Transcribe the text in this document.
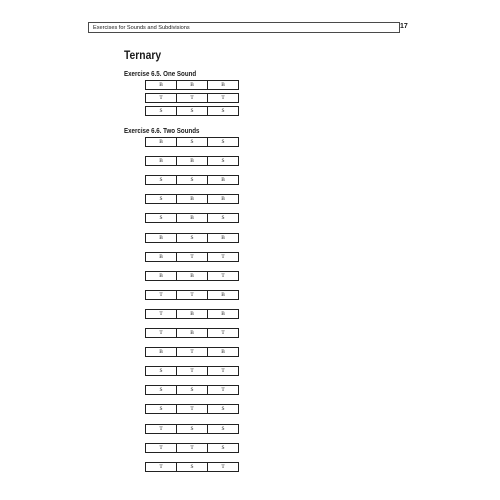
Exercises for Sounds and Subdivisions	17
Ternary
Exercise 6.5. One Sound
B	B	B
T	T	T
S	S	S
Exercise 6.6. Two Sounds
B	S	S
B	B	S
S	S	B
S	B	B
S	B	S
B	S	B
B	T	T
B	B	T
T	T	B
T	B	B
T	B	T
B	T	B
S	T	T
S	S	T
S	T	S
T	S	S
T	T	S
T	S	T
